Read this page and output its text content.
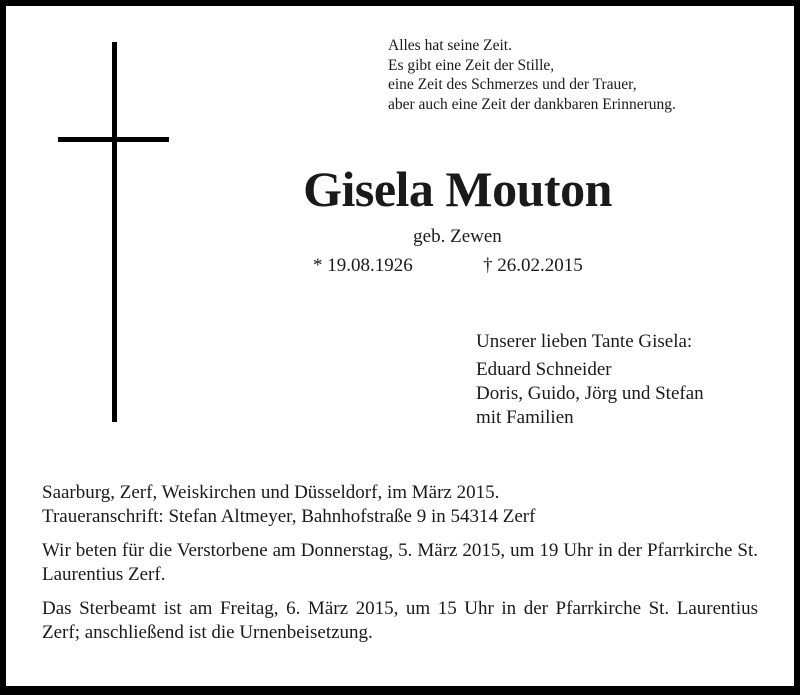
Alles hat seine Zeit.
Es gibt eine Zeit der Stille,
eine Zeit des Schmerzes und der Trauer,
aber auch eine Zeit der dankbaren Erinnerung.
Gisela Mouton
geb. Zewen
* 19.08.1926	† 26.02.2015
Unserer lieben Tante Gisela:
Eduard Schneider
Doris, Guido, Jörg und Stefan
mit Familien

Saarburg, Zerf, Weiskirchen und Düsseldorf, im März 2015.
Traueranschrift: Stefan Altmeyer, Bahnhofstraße 9 in 54314 Zerf

Wir beten für die Verstorbene am Donnerstag, 5. März 2015, um 19 Uhr in der Pfarrkirche St. Laurentius Zerf.

Das Sterbeamt ist am Freitag, 6. März 2015, um 15 Uhr in der Pfarrkirche St. Laurentius Zerf; anschließend ist die Urnenbeisetzung.
